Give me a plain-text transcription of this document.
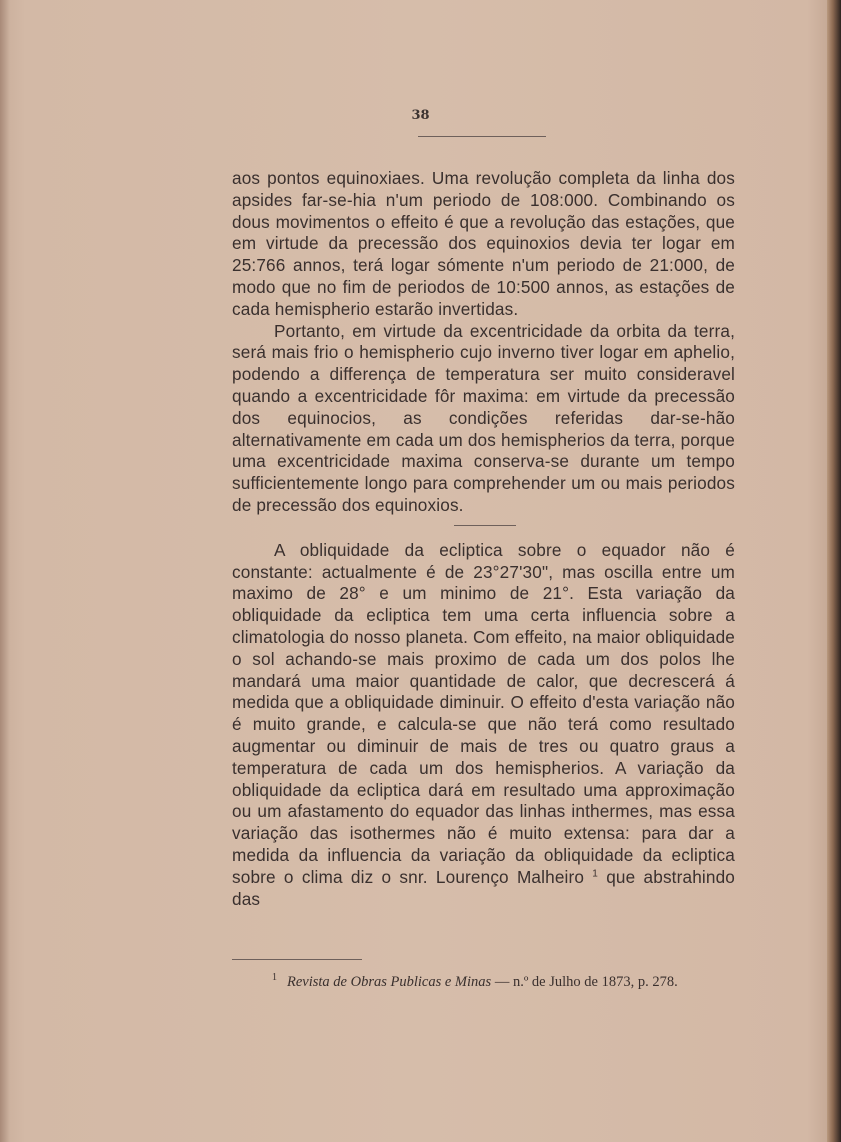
38

aos pontos equinoxiaes. Uma revolução completa da linha dos apsides far-se-hia n'um periodo de 108:000. Combinando os dous movimentos o effeito é que a revolução das estações, que em virtude da precessão dos equinoxios devia ter logar em 25:766 annos, terá logar sómente n'um periodo de 21:000, de modo que no fim de periodos de 10:500 annos, as estações de cada hemispherio estarão invertidas.

Portanto, em virtude da excentricidade da orbita da terra, será mais frio o hemispherio cujo inverno tiver logar em aphelio, podendo a differença de temperatura ser muito consideravel quando a excentricidade fôr maxima: em virtude da precessão dos equinocios, as condições referidas dar-se-hão alternativamente em cada um dos hemispherios da terra, porque uma excentricidade maxima conserva-se durante um tempo sufficientemente longo para comprehender um ou mais periodos de precessão dos equinoxios.

A obliquidade da ecliptica sobre o equador não é constante: actualmente é de 23°27'30", mas oscilla entre um maximo de 28° e um minimo de 21°. Esta variação da obliquidade da ecliptica tem uma certa influencia sobre a climatologia do nosso planeta. Com effeito, na maior obliquidade o sol achando-se mais proximo de cada um dos polos lhe mandará uma maior quantidade de calor, que decrescerá á medida que a obliquidade diminuir. O effeito d'esta variação não é muito grande, e calcula-se que não terá como resultado augmentar ou diminuir de mais de tres ou quatro graus a temperatura de cada um dos hemispherios. A variação da obliquidade da ecliptica dará em resultado uma approximação ou um afastamento do equador das linhas inthermes, mas essa variação das isothermes não é muito extensa: para dar a medida da influencia da variação da obliquidade da ecliptica sobre o clima diz o snr. Lourenço Malheiro $^1$ que abstrahindo das

$^1$ Revista de Obras Publicas e Minas — n.º de Julho de 1873, p. 278.
